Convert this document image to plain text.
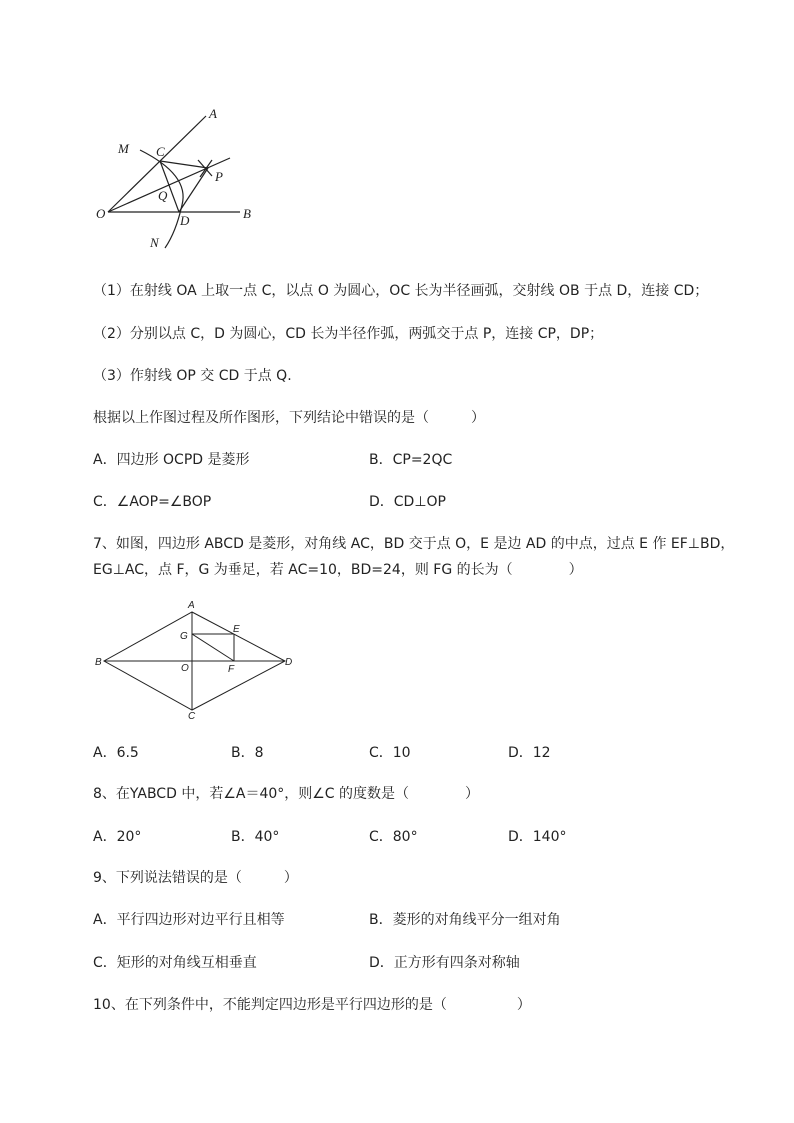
A
M C
P
Q
O	D	B
N
（1）在射线 OA 上取一点 C，以点 O 为圆心，OC 长为半径画弧，交射线 OB 于点 D，连接 CD；
（2）分别以点 C，D 为圆心，CD 长为半径作弧，两弧交于点 P，连接 CP，DP；
（3）作射线 OP 交 CD 于点 Q.
根据以上作图过程及所作图形，下列结论中错误的是（　　　）
A．四边形 OCPD 是菱形	B．CP=2QC
C．∠AOP=∠BOP	D．CD⊥OP
7、如图，四边形 ABCD 是菱形，对角线 AC，BD 交于点 O，E 是边 AD 的中点，过点 E 作 EF⊥BD，
EG⊥AC，点 F，G 为垂足，若 AC=10，BD=24，则 FG 的长为（　　　　）
A
B
C
D
E
F
G
O
A．6.5	B．8	C．10	D．12
8、在YABCD 中，若∠A＝40°，则∠C 的度数是（　　　　）
A．20°	B．40°	C．80°	D．140°
9、下列说法错误的是（　　　）
A．平行四边形对边平行且相等	B．菱形的对角线平分一组对角
C．矩形的对角线互相垂直	D．正方形有四条对称轴
10、在下列条件中，不能判定四边形是平行四边形的是（　　　　　）
